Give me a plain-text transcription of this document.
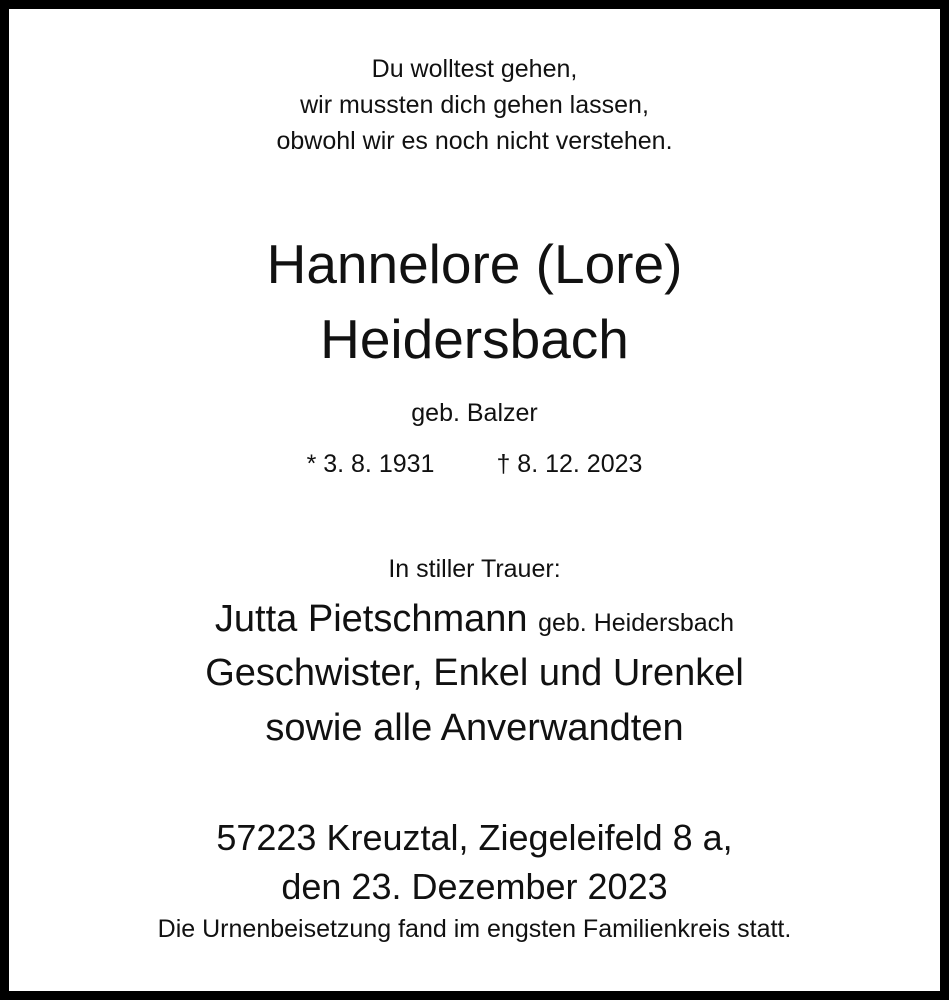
Du wolltest gehen,
wir mussten dich gehen lassen,
obwohl wir es noch nicht verstehen.
Hannelore (Lore)
Heidersbach
geb. Balzer
* 3. 8. 1931 † 8. 12. 2023
In stiller Trauer:
Jutta Pietschmann geb. Heidersbach
Geschwister, Enkel und Urenkel
sowie alle Anverwandten
57223 Kreuztal, Ziegeleifeld 8 a,
den 23. Dezember 2023
Die Urnenbeisetzung fand im engsten Familienkreis statt.
